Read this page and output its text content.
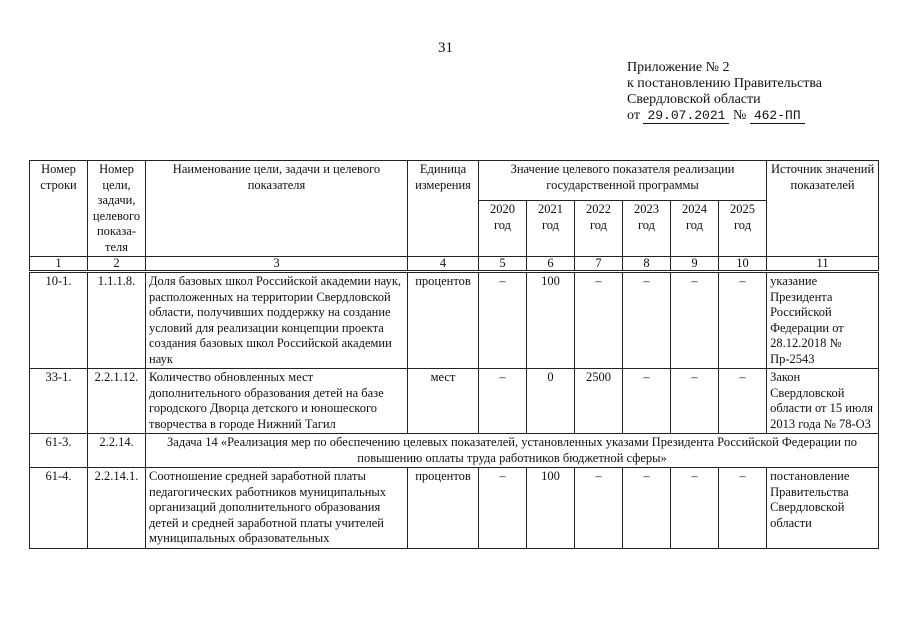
31
Приложение № 2
к постановлению Правительства
Свердловской области
от 29.07.2021 № 462-ПП
Номер строки	Номер цели, задачи, целевого показа-теля	Наименование цели, задачи и целевого показателя	Единица измерения	Значение целевого показателя реализации государственной программы						Источник значений показателей
				2020 год	2021 год	2022 год	2023 год	2024 год	2025 год	
1	2	3	4	5	6	7	8	9	10	11
10-1.	1.1.1.8.	Доля базовых школ Российской академии наук, расположенных на территории Свердловской области, получивших поддержку на создание условий для реализации концепции проекта создания базовых школ Российской академии наук	процентов	–	100	–	–	–	–	указание Президента Российской Федерации от 28.12.2018 № Пр-2543
33-1.	2.2.1.12.	Количество обновленных мест дополнительного образования детей на базе городского Дворца детского и юношеского творчества в городе Нижний Тагил	мест	–	0	2500	–	–	–	Закон Свердловской области от 15 июля 2013 года № 78-ОЗ
61-3.	2.2.14.	Задача 14 «Реализация мер по обеспечению целевых показателей, установленных указами Президента Российской Федерации по повышению оплаты труда работников бюджетной сферы»								
61-4.	2.2.14.1.	Соотношение средней заработной платы педагогических работников муниципальных организаций дополнительного образования детей и средней заработной платы учителей муниципальных образовательных	процентов	–	100	–	–	–	–	постановление Правительства Свердловской области
